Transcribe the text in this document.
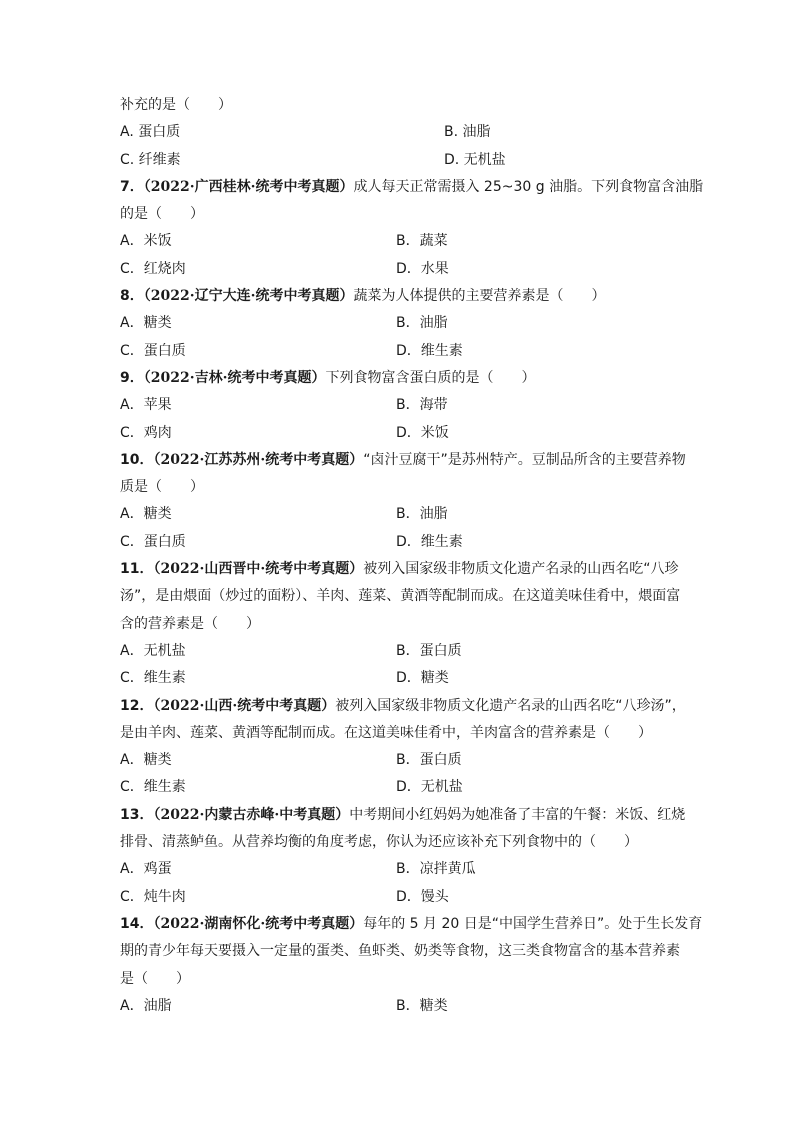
补充的是（　　）
A. 蛋白质	B. 油脂
C. 纤维素	D. 无机盐
7．（2022·广西桂林·统考中考真题）成人每天正常需摄入 25~30 g 油脂。下列食物富含油脂
的是（　　）
A．米饭	B．蔬菜
C．红烧肉	D．水果
8．（2022·辽宁大连·统考中考真题）蔬菜为人体提供的主要营养素是（　　）
A．糖类	B．油脂
C．蛋白质	D．维生素
9．（2022·吉林·统考中考真题）下列食物富含蛋白质的是（　　）
A．苹果	B．海带
C．鸡肉	D．米饭
10．（2022·江苏苏州·统考中考真题）“卤汁豆腐干”是苏州特产。豆制品所含的主要营养物
质是（　　）
A．糖类	B．油脂
C．蛋白质	D．维生素
11．（2022·山西晋中·统考中考真题）被列入国家级非物质文化遗产名录的山西名吃“八珍
汤”，是由煨面（炒过的面粉）、羊肉、莲菜、黄酒等配制而成。在这道美味佳肴中，煨面富
含的营养素是（　　）
A．无机盐	B．蛋白质
C．维生素	D．糖类
12．（2022·山西·统考中考真题）被列入国家级非物质文化遗产名录的山西名吃“八珍汤”，
是由羊肉、莲菜、黄酒等配制而成。在这道美味佳肴中，羊肉富含的营养素是（　　）
A．糖类	B．蛋白质
C．维生素	D．无机盐
13．（2022·内蒙古赤峰·中考真题）中考期间小红妈妈为她准备了丰富的午餐：米饭、红烧
排骨、清蒸鲈鱼。从营养均衡的角度考虑，你认为还应该补充下列食物中的（　　）
A．鸡蛋	B．凉拌黄瓜
C．炖牛肉	D．馒头
14．（2022·湖南怀化·统考中考真题）每年的 5 月 20 日是“中国学生营养日”。处于生长发育
期的青少年每天要摄入一定量的蛋类、鱼虾类、奶类等食物，这三类食物富含的基本营养素
是（　　）
A．油脂	B．糖类
